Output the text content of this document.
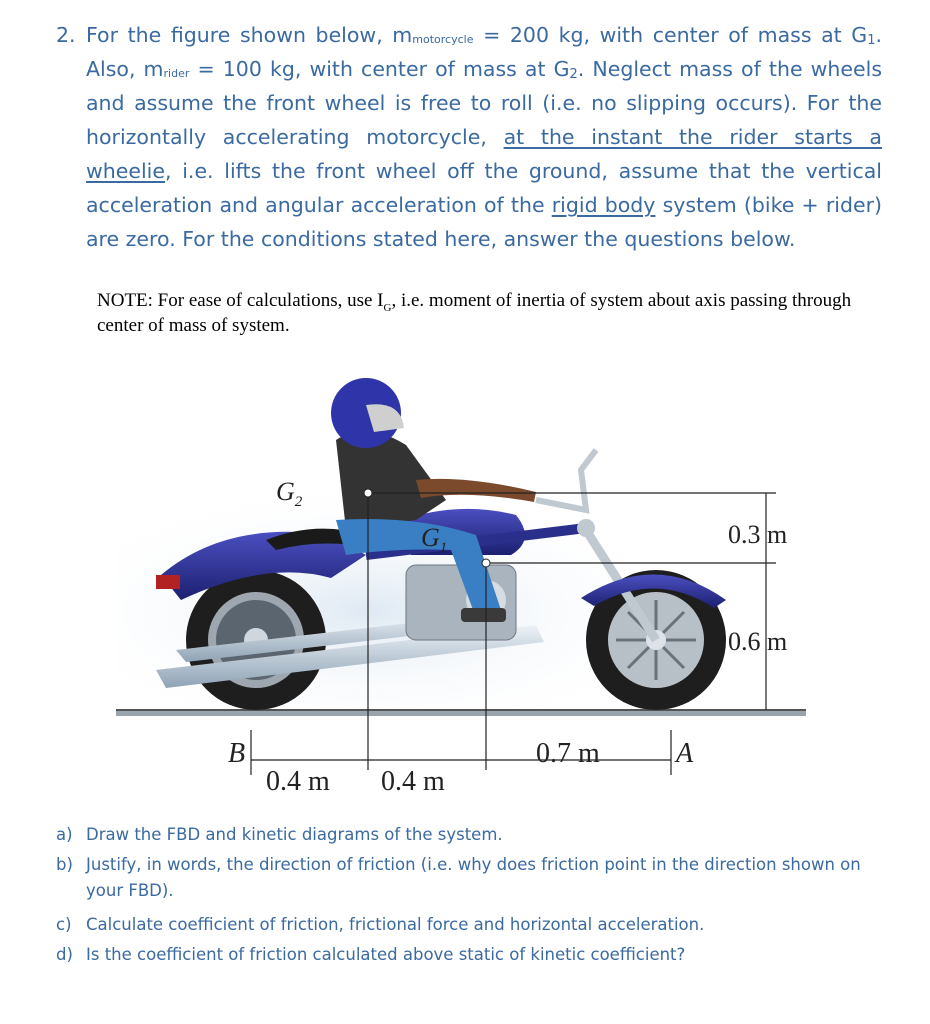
2. For the figure shown below, $m_{motorcycle} = 200$ kg, with center of mass at G1. Also, $m_{rider} = 100$ kg, with center of mass at G2. Neglect mass of the wheels and assume the front wheel is free to roll (i.e. no slipping occurs). For the horizontally accelerating motorcycle, at the instant the rider starts a wheelie, i.e. lifts the front wheel off the ground, assume that the vertical acceleration and angular acceleration of the rigid body system (bike + rider) are zero. For the conditions stated here, answer the questions below.
NOTE: For ease of calculations, use $I_G$, i.e. moment of inertia of system about axis passing through center of mass of system.
$G_2$
$G_1$	0.3 m
0.6 m
B	A
0.4 m 0.4 m
0.7 m
a) Draw the FBD and kinetic diagrams of the system.
b) Justify, in words, the direction of friction (i.e. why does friction point in the direction shown on your FBD).
c) Calculate coefficient of friction, frictional force and horizontal acceleration.
d) Is the coefficient of friction calculated above static of kinetic coefficient?
